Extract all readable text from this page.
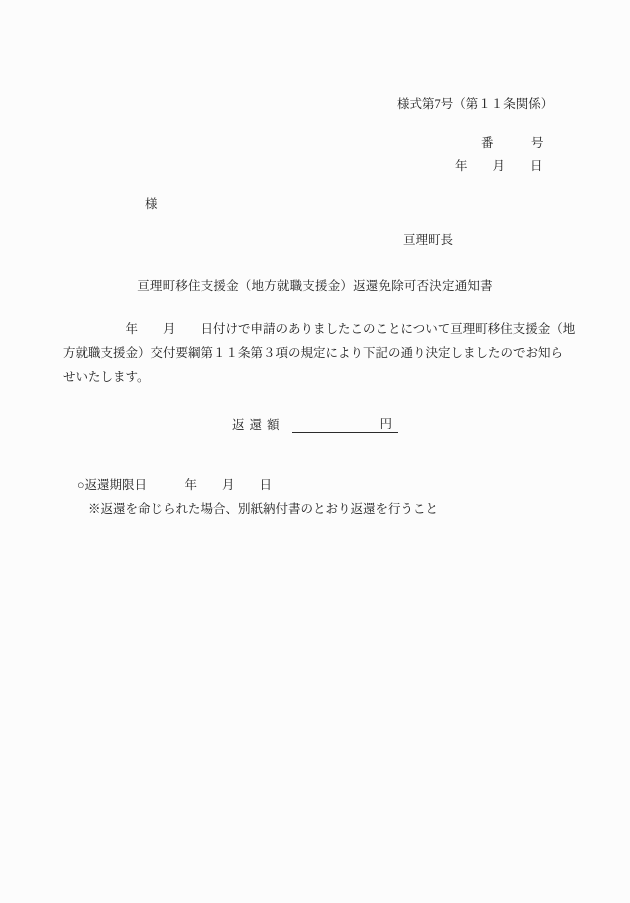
様式第7号（第１１条関係）
番　　　号
年　　月　　日
様
亘理町長
亘理町移住支援金（地方就職支援金）返還免除可否決定通知書
　　　　　年　　月　　日付けで申請のありましたこのことについて亘理町移住支援金（地
方就職支援金）交付要綱第１１条第３項の規定により下記の通り決定しましたのでお知ら
せいたします。
返還額	円
○返還期限日　　　年　　月　　日
※返還を命じられた場合、別紙納付書のとおり返還を行うこと
